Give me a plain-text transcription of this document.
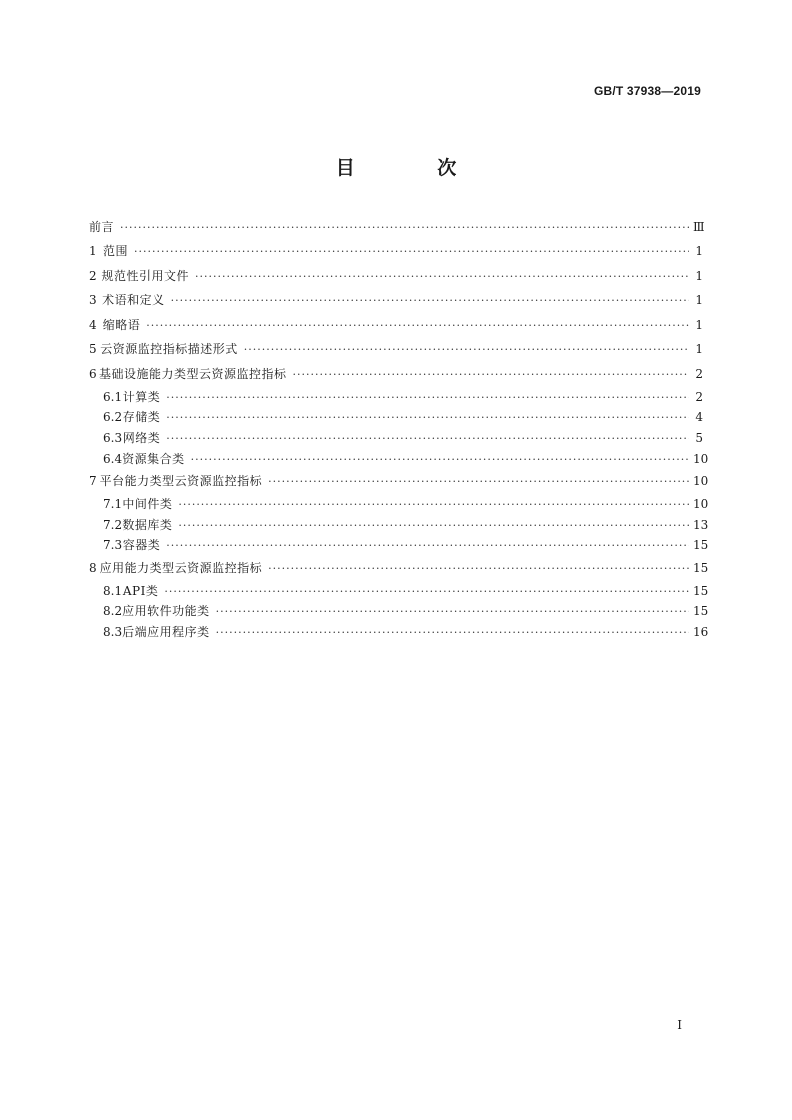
GB/T 37938—2019
目 次
前言 ·····	Ⅲ
1 范围 ·····	1
2 规范性引用文件 ·····	1
3 术语和定义 ·····	1
4 缩略语 ·····	1
5 云资源监控指标描述形式 ·····	1
6 基础设施能力类型云资源监控指标 ·····	2
6.1 计算类 ·····	2
6.2 存储类 ·····	4
6.3 网络类 ·····	5
6.4 资源集合类 ·····	10
7 平台能力类型云资源监控指标 ·····	10
7.1 中间件类 ·····	10
7.2 数据库类 ·····	13
7.3 容器类 ·····	15
8 应用能力类型云资源监控指标 ·····	15
8.1 API类 ·····	15
8.2 应用软件功能类 ·····	15
8.3 后端应用程序类 ·····	16
I
